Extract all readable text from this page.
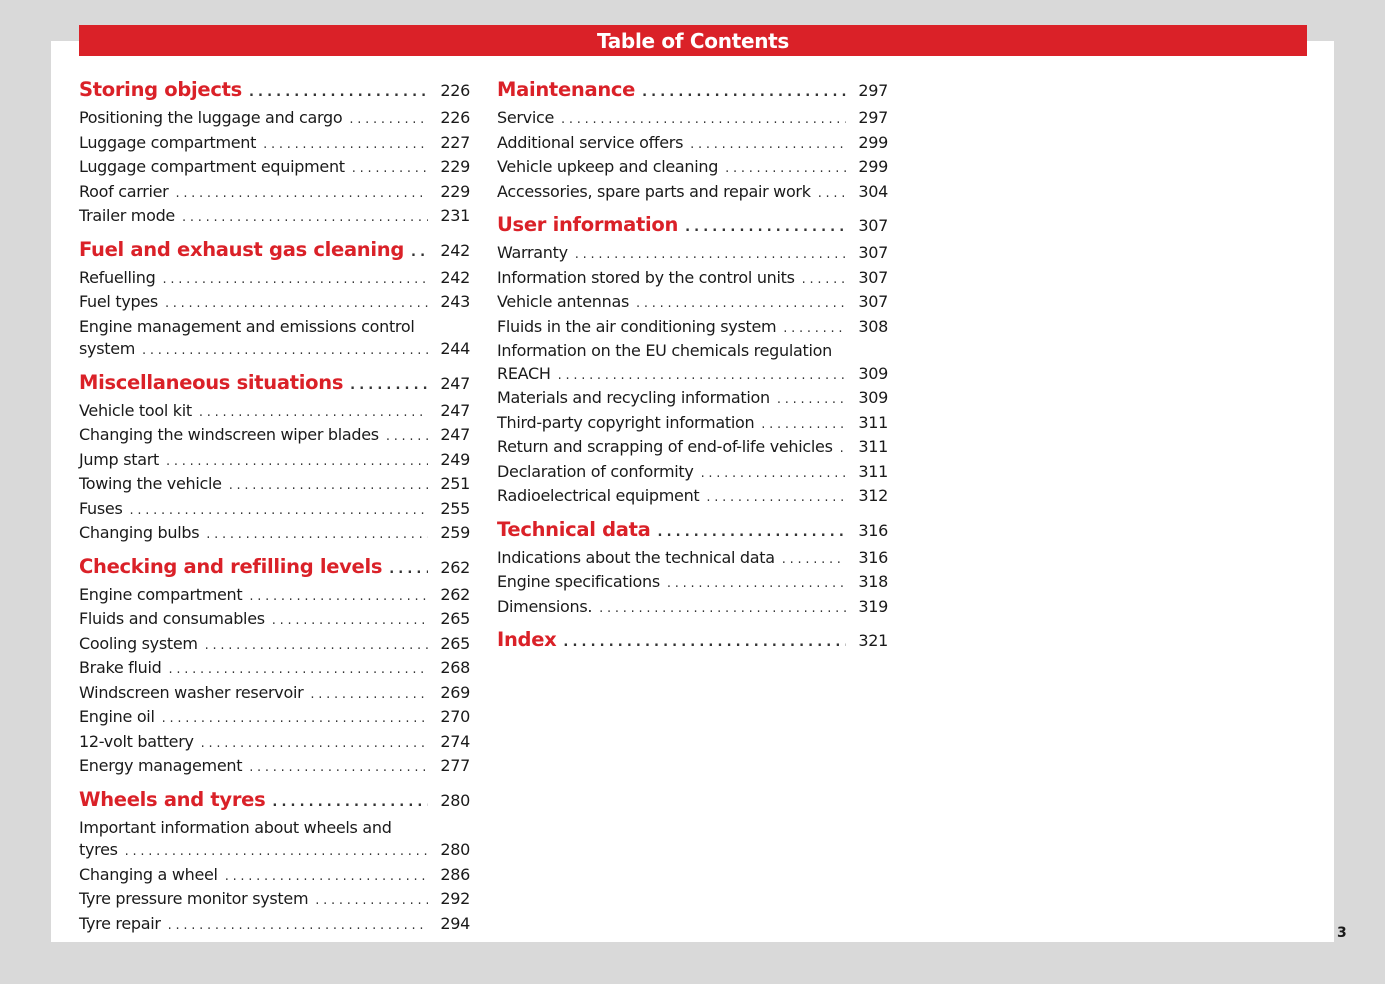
Table of Contents
Storing objects . . .	226
Positioning the luggage and cargo . . .	226
Luggage compartment . . .	227
Luggage compartment equipment . . .	229
Roof carrier . . .	229
Trailer mode . . .	231
Fuel and exhaust gas cleaning . . .	242
Refuelling . . .	242
Fuel types . . .	243
Engine management and emissions control
system . . .	244
Miscellaneous situations . . .	247
Vehicle tool kit . . .	247
Changing the windscreen wiper blades . . .	247
Jump start . . .	249
Towing the vehicle . . .	251
Fuses . . .	255
Changing bulbs . . .	259
Checking and refilling levels . . .	262
Engine compartment . . .	262
Fluids and consumables . . .	265
Cooling system . . .	265
Brake fluid . . .	268
Windscreen washer reservoir . . .	269
Engine oil . . .	270
12-volt battery . . .	274
Energy management . . .	277
Wheels and tyres . . .	280
Important information about wheels and
tyres . . .	280
Changing a wheel . . .	286
Tyre pressure monitor system . . .	292
Tyre repair . . .	294
Maintenance . . .	297
Service . . .	297
Additional service offers . . .	299
Vehicle upkeep and cleaning . . .	299
Accessories, spare parts and repair work . . .	304
User information . . .	307
Warranty . . .	307
Information stored by the control units . . .	307
Vehicle antennas . . .	307
Fluids in the air conditioning system . . .	308
Information on the EU chemicals regulation
REACH . . .	309
Materials and recycling information . . .	309
Third-party copyright information . . .	311
Return and scrapping of end-of-life vehicles . . .	311
Declaration of conformity . . .	311
Radioelectrical equipment . . .	312
Technical data . . .	316
Indications about the technical data . . .	316
Engine specifications . . .	318
Dimensions. . . .	319
Index . . .	321
3
